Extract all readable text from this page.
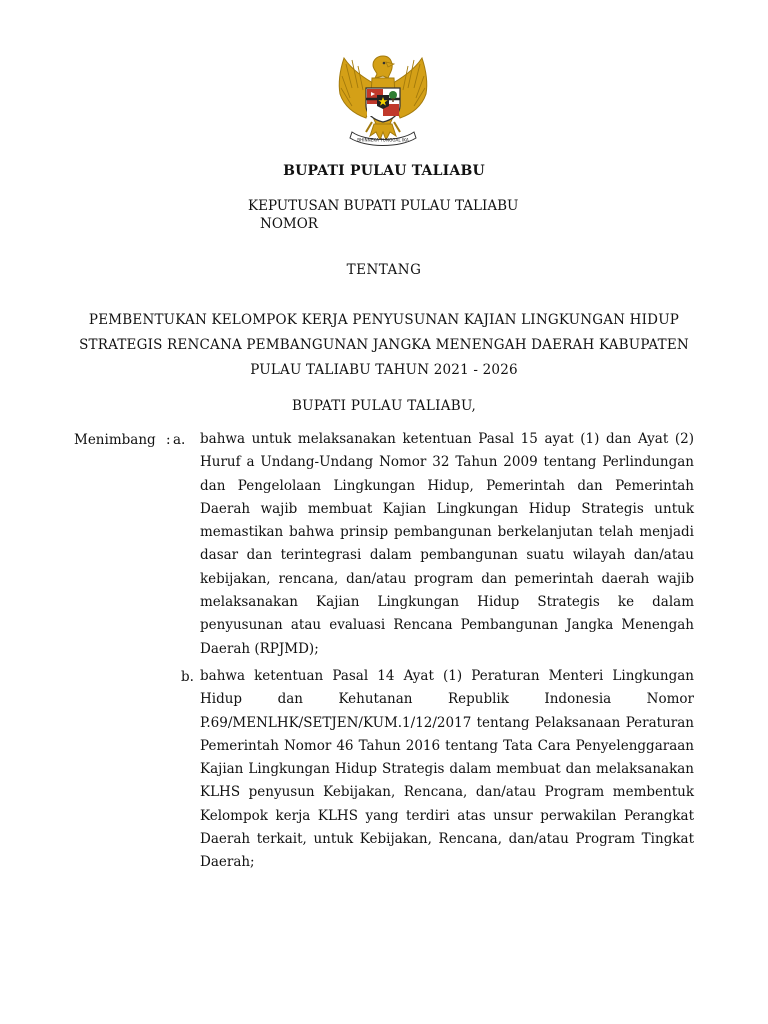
BHINNEKA TUNGGAL IKA
BUPATI PULAU TALIABU
KEPUTUSAN BUPATI PULAU TALIABU
NOMOR
TENTANG
PEMBENTUKAN KELOMPOK KERJA PENYUSUNAN KAJIAN LINGKUNGAN HIDUP
STRATEGIS RENCANA PEMBANGUNAN JANGKA MENENGAH DAERAH KABUPATEN
PULAU TALIABU TAHUN 2021 - 2026
BUPATI PULAU TALIABU,
Menimbang : a. bahwa untuk melaksanakan ketentuan Pasal 15 ayat (1) dan Ayat (2) Huruf a Undang-Undang Nomor 32 Tahun 2009 tentang Perlindungan dan Pengelolaan Lingkungan Hidup, Pemerintah dan Pemerintah Daerah wajib membuat Kajian Lingkungan Hidup Strategis untuk memastikan bahwa prinsip pembangunan berkelanjutan telah menjadi dasar dan terintegrasi dalam pembangunan suatu wilayah dan/atau kebijakan, rencana, dan/atau program dan pemerintah daerah wajib melaksanakan Kajian Lingkungan Hidup Strategis ke dalam penyusunan atau evaluasi Rencana Pembangunan Jangka Menengah Daerah (RPJMD);
b. bahwa ketentuan Pasal 14 Ayat (1) Peraturan Menteri Lingkungan Hidup dan Kehutanan Republik Indonesia Nomor P.69/MENLHK/SETJEN/KUM.1/12/2017 tentang Pelaksanaan Peraturan Pemerintah Nomor 46 Tahun 2016 tentang Tata Cara Penyelenggaraan Kajian Lingkungan Hidup Strategis dalam membuat dan melaksanakan KLHS penyusun Kebijakan, Rencana, dan/atau Program membentuk Kelompok kerja KLHS yang terdiri atas unsur perwakilan Perangkat Daerah terkait, untuk Kebijakan, Rencana, dan/atau Program Tingkat Daerah;
